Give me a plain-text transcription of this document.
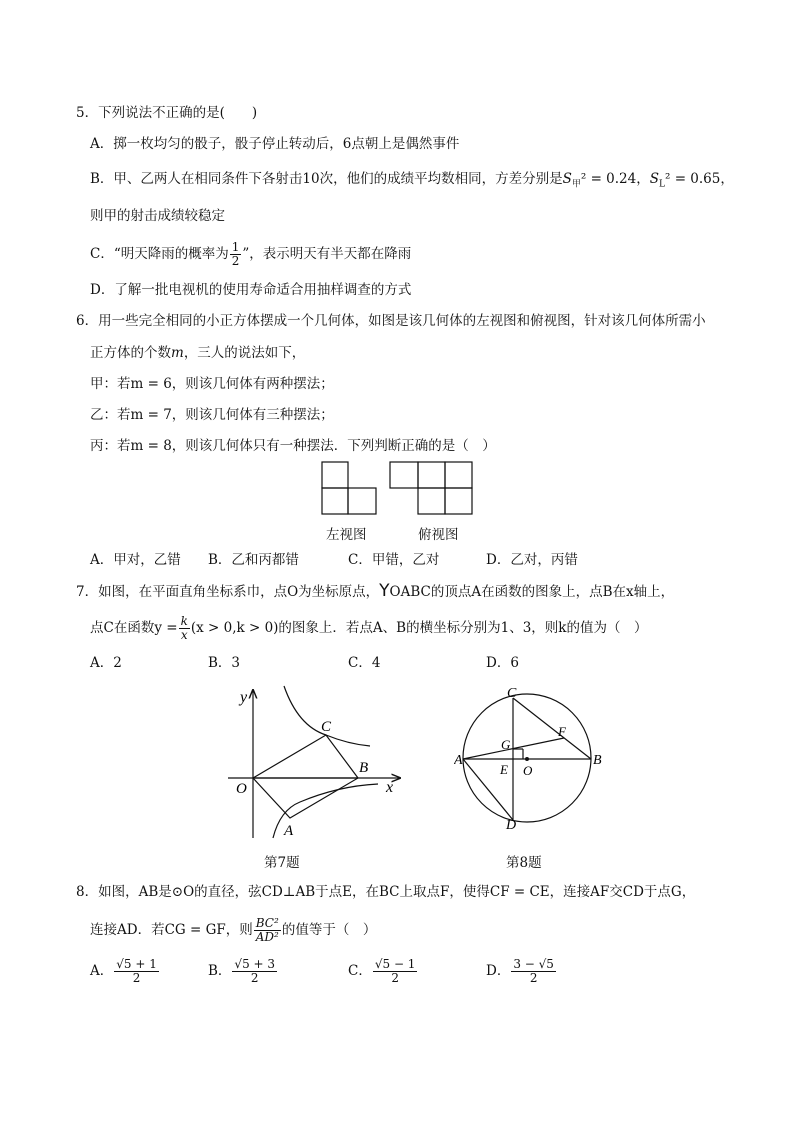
5．下列说法不正确的是(　　)
A．掷一枚均匀的骰子，骰子停止转动后，6点朝上是偶然事件
B．甲、乙两人在相同条件下各射击10次，他们的成绩平均数相同，方差分别是$S_甲^2 = 0.24$，$S_L^2 = 0.65$，
则甲的射击成绩较稳定
C．“明天降雨的概率为 $\frac{1}{2}$ ”，表示明天有半天都在降雨
D．了解一批电视机的使用寿命适合用抽样调查的方式
6．用一些完全相同的小正方体摆成一个几何体，如图是该几何体的左视图和俯视图，针对该几何体所需小
正方体的个数m，三人的说法如下，
甲：若m = 6，则该几何体有两种摆法；
乙：若m = 7，则该几何体有三种摆法；
丙：若m = 8，则该几何体只有一种摆法．下列判断正确的是（　）
左视图	俯视图
A．甲对，乙错 B．乙和丙都错	C．甲错，乙对	D．乙对，丙错
7．如图，在平面直角坐标系巾，点O为坐标原点，YOABC的顶点A在函数的图象上，点B在x轴上，
点C在函数$y = \frac{k}{x} (x > 0,k > 0)$的图象上．若点A、B的横坐标分别为1、3，则k的值为（　）
A．2	B．3	C．4	D．6
y
x
O
A
B
C
第7题
C
D
A	B
E
F
G
O
第8题
8．如图，AB是⊙O的直径，弦CD⊥AB于点E，在BC上取点F，使得CF = CE，连接AF交CD于点G，
连接AD．若CG = GF，则 $\frac{\text{BC²}}{\text{AD²}}$ 的值等于（　）
A． $\frac{√5 + 1}{2}$	B． $\frac{√5 + 3}{2}$	C． $\frac{√5 - 1}{2}$	D． $\frac{3 - √5}{2}$
